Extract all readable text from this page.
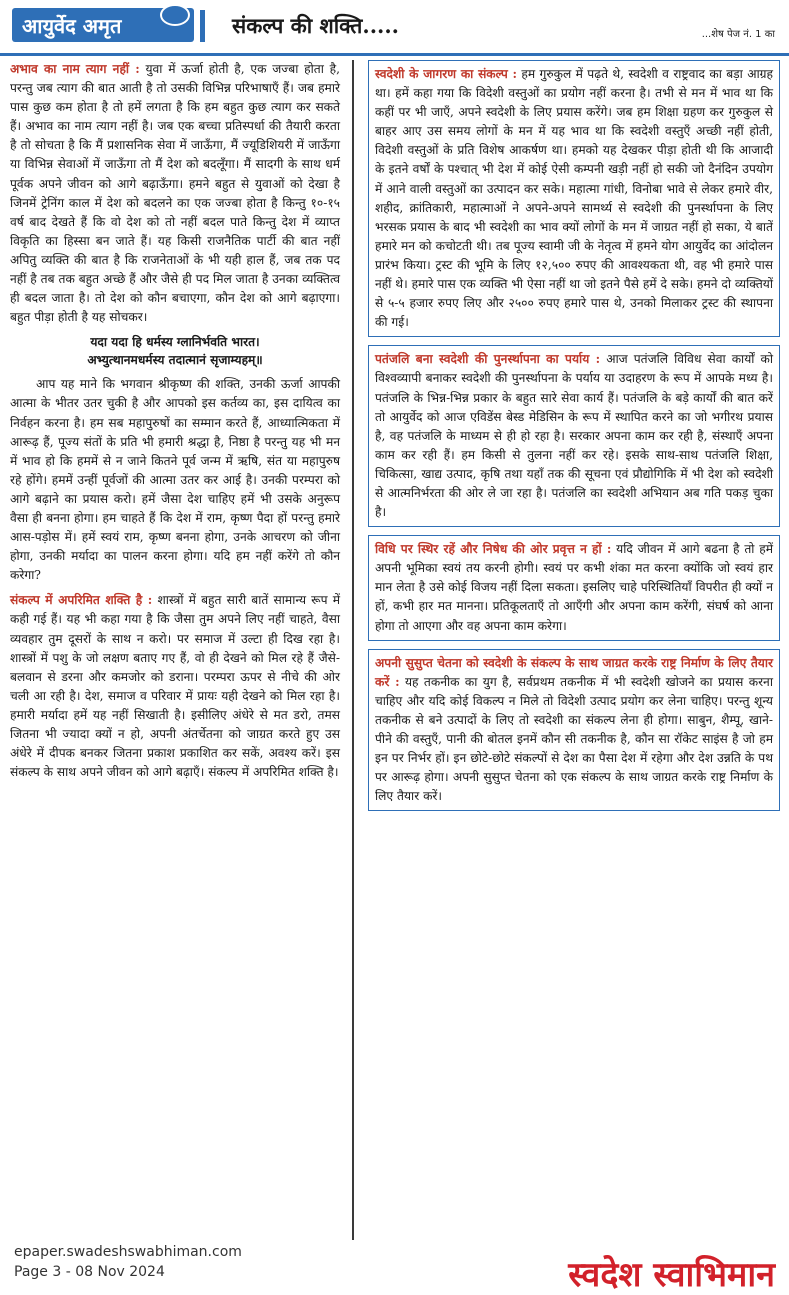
आयुर्वेद अमृत	संकल्प की शक्ति.....	...शेष पेज नं. 1 का

अभाव का नाम त्याग नहीं : युवा में ऊर्जा होती है, एक जज्बा होता है, परन्तु जब त्याग की बात आती है तो उसकी विभिन्न परिभाषाएँ हैं। जब हमारे पास कुछ कम होता है तो हमें लगता है कि हम बहुत कुछ त्याग कर सकते हैं। अभाव का नाम त्याग नहीं है। जब एक बच्चा प्रतिस्पर्धा की तैयारी करता है तो सोचता है कि मैं प्रशासनिक सेवा में जाऊँगा, मैं ज्यूडिशियरी में जाऊँगा या विभिन्न सेवाओं में जाऊँगा तो मैं देश को बदलूँगा। मैं सादगी के साथ धर्म पूर्वक अपने जीवन को आगे बढ़ाऊँगा। हमने बहुत से युवाओं को देखा है जिनमें ट्रेनिंग काल में देश को बदलने का एक जज्बा होता है किन्तु १०-१५ वर्ष बाद देखते हैं कि वो देश को तो नहीं बदल पाते किन्तु देश में व्याप्त विकृति का हिस्सा बन जाते हैं। यह किसी राजनैतिक पार्टी की बात नहीं अपितु व्यक्ति की बात है कि राजनेताओं के भी यही हाल हैं, जब तक पद नहीं है तब तक बहुत अच्छे हैं और जैसे ही पद मिल जाता है उनका व्यक्तित्व ही बदल जाता है। तो देश को कौन बचाएगा, कौन देश को आगे बढ़ाएगा। बहुत पीड़ा होती है यह सोचकर।

यदा यदा हि धर्मस्य ग्लानिर्भवति भारत।
अभ्युत्थानमधर्मस्य तदात्मानं सृजाम्यहम्॥

आप यह माने कि भगवान श्रीकृष्ण की शक्ति, उनकी ऊर्जा आपकी आत्मा के भीतर उतर चुकी है और आपको इस कर्तव्य का, इस दायित्व का निर्वहन करना है। हम सब महापुरुषों का सम्मान करते हैं, आध्यात्मिकता में आरूढ़ हैं, पूज्य संतों के प्रति भी हमारी श्रद्धा है, निष्ठा है परन्तु यह भी मन में भाव हो कि हममें से न जाने कितने पूर्व जन्म में ऋषि, संत या महापुरुष रहे होंगे। हममें उन्हीं पूर्वजों की आत्मा उतर कर आई है। उनकी परम्परा को आगे बढ़ाने का प्रयास करो। हमें जैसा देश चाहिए हमें भी उसके अनुरूप वैसा ही बनना होगा। हम चाहते हैं कि देश में राम, कृष्ण पैदा हों परन्तु हमारे आस-पड़ोस में। हमें स्वयं राम, कृष्ण बनना होगा, उनके आचरण को जीना होगा, उनकी मर्यादा का पालन करना होगा। यदि हम नहीं करेंगे तो कौन करेगा?

संकल्प में अपरिमित शक्ति है : शास्त्रों में बहुत सारी बातें सामान्य रूप में कही गई हैं। यह भी कहा गया है कि जैसा तुम अपने लिए नहीं चाहते, वैसा व्यवहार तुम दूसरों के साथ न करो। पर समाज में उल्टा ही दिख रहा है। शास्त्रों में पशु के जो लक्षण बताए गए हैं, वो ही देखने को मिल रहे हैं जैसे- बलवान से डरना और कमजोर को डराना। परम्परा ऊपर से नीचे की ओर चली आ रही है। देश, समाज व परिवार में प्रायः यही देखने को मिल रहा है। हमारी मर्यादा हमें यह नहीं सिखाती है। इसीलिए अंधेरे से मत डरो, तमस जितना भी ज्यादा क्यों न हो, अपनी अंतर्चेतना को जाग्रत करते हुए उस अंधेरे में दीपक बनकर जितना प्रकाश प्रकाशित कर सकें, अवश्य करें। इस संकल्प के साथ अपने जीवन को आगे बढ़ाएँ। संकल्प में अपरिमित शक्ति है।

स्वदेशी के जागरण का संकल्प : हम गुरुकुल में पढ़ते थे, स्वदेशी व राष्ट्रवाद का बड़ा आग्रह था। हमें कहा गया कि विदेशी वस्तुओं का प्रयोग नहीं करना है। तभी से मन में भाव था कि कहीं पर भी जाएँ, अपने स्वदेशी के लिए प्रयास करेंगे। जब हम शिक्षा ग्रहण कर गुरुकुल से बाहर आए उस समय लोगों के मन में यह भाव था कि स्वदेशी वस्तुएँ अच्छी नहीं होती, विदेशी वस्तुओं के प्रति विशेष आकर्षण था। हमको यह देखकर पीड़ा होती थी कि आजादी के इतने वर्षों के पश्चात् भी देश में कोई ऐसी कम्पनी खड़ी नहीं हो सकी जो दैनंदिन उपयोग में आने वाली वस्तुओं का उत्पादन कर सके। महात्मा गांधी, विनोबा भावे से लेकर हमारे वीर, शहीद, क्रांतिकारी, महात्माओं ने अपने-अपने सामर्थ्य से स्वदेशी की पुनर्स्थापना के लिए भरसक प्रयास के बाद भी स्वदेशी का भाव क्यों लोगों के मन में जाग्रत नहीं हो सका, ये बातें हमारे मन को कचोटती थी। तब पूज्य स्वामी जी के नेतृत्व में हमने योग आयुर्वेद का आंदोलन प्रारंभ किया। ट्रस्ट की भूमि के लिए १२,५०० रुपए की आवश्यकता थी, वह भी हमारे पास नहीं थे। हमारे पास एक व्यक्ति भी ऐसा नहीं था जो इतने पैसे हमें दे सके। हमने दो व्यक्तियों से ५-५ हजार रुपए लिए और २५०० रुपए हमारे पास थे, उनको मिलाकर ट्रस्ट की स्थापना की गई।
पतंजलि बना स्वदेशी की पुनर्स्थापना का पर्याय : आज पतंजलि विविध सेवा कार्यों को विश्वव्यापी बनाकर स्वदेशी की पुनर्स्थापना के पर्याय या उदाहरण के रूप में आपके मध्य है। पतंजलि के भिन्न-भिन्न प्रकार के बहुत सारे सेवा कार्य हैं। पतंजलि के बड़े कार्यों की बात करें तो आयुर्वेद को आज एविडेंस बेस्ड मेडिसिन के रूप में स्थापित करने का जो भगीरथ प्रयास है, वह पतंजलि के माध्यम से ही हो रहा है। सरकार अपना काम कर रही है, संस्थाएँ अपना काम कर रही हैं। हम किसी से तुलना नहीं कर रहे। इसके साथ-साथ पतंजलि शिक्षा, चिकित्सा, खाद्य उत्पाद, कृषि तथा यहाँ तक की सूचना एवं प्रौद्योगिकि में भी देश को स्वदेशी से आत्मनिर्भरता की ओर ले जा रहा है। पतंजलि का स्वदेशी अभियान अब गति पकड़ चुका है।
विधि पर स्थिर रहें और निषेध की ओर प्रवृत्त न हों : यदि जीवन में आगे बढना है तो हमें अपनी भूमिका स्वयं तय करनी होगी। स्वयं पर कभी शंका मत करना क्योंकि जो स्वयं हार मान लेता है उसे कोई विजय नहीं दिला सकता। इसलिए चाहे परिस्थितियाँ विपरीत ही क्यों न हों, कभी हार मत मानना। प्रतिकूलताएँ तो आएँगी और अपना काम करेंगी, संघर्ष को आना होगा तो आएगा और वह अपना काम करेगा।
अपनी सुसुप्त चेतना को स्वदेशी के संकल्प के साथ जाग्रत करके राष्ट्र निर्माण के लिए तैयार करें : यह तकनीक का युग है, सर्वप्रथम तकनीक में भी स्वदेशी खोजने का प्रयास करना चाहिए और यदि कोई विकल्प न मिले तो विदेशी उत्पाद प्रयोग कर लेना चाहिए। परन्तु शून्य तकनीक से बने उत्पादों के लिए तो स्वदेशी का संकल्प लेना ही होगा। साबुन, शैम्पू, खाने-पीने की वस्तुएँ, पानी की बोतल इनमें कौन सी तकनीक है, कौन सा रॉकेट साइंस है जो हम इन पर निर्भर हों। इन छोटे-छोटे संकल्पों से देश का पैसा देश में रहेगा और देश उन्नति के पथ पर आरूढ़ होगा। अपनी सुसुप्त चेतना को एक संकल्प के साथ जाग्रत करके राष्ट्र निर्माण के लिए तैयार करें।
epaper.swadeshswabhiman.com
Page 3 - 08 Nov 2024	स्वदेश स्वाभिमान
